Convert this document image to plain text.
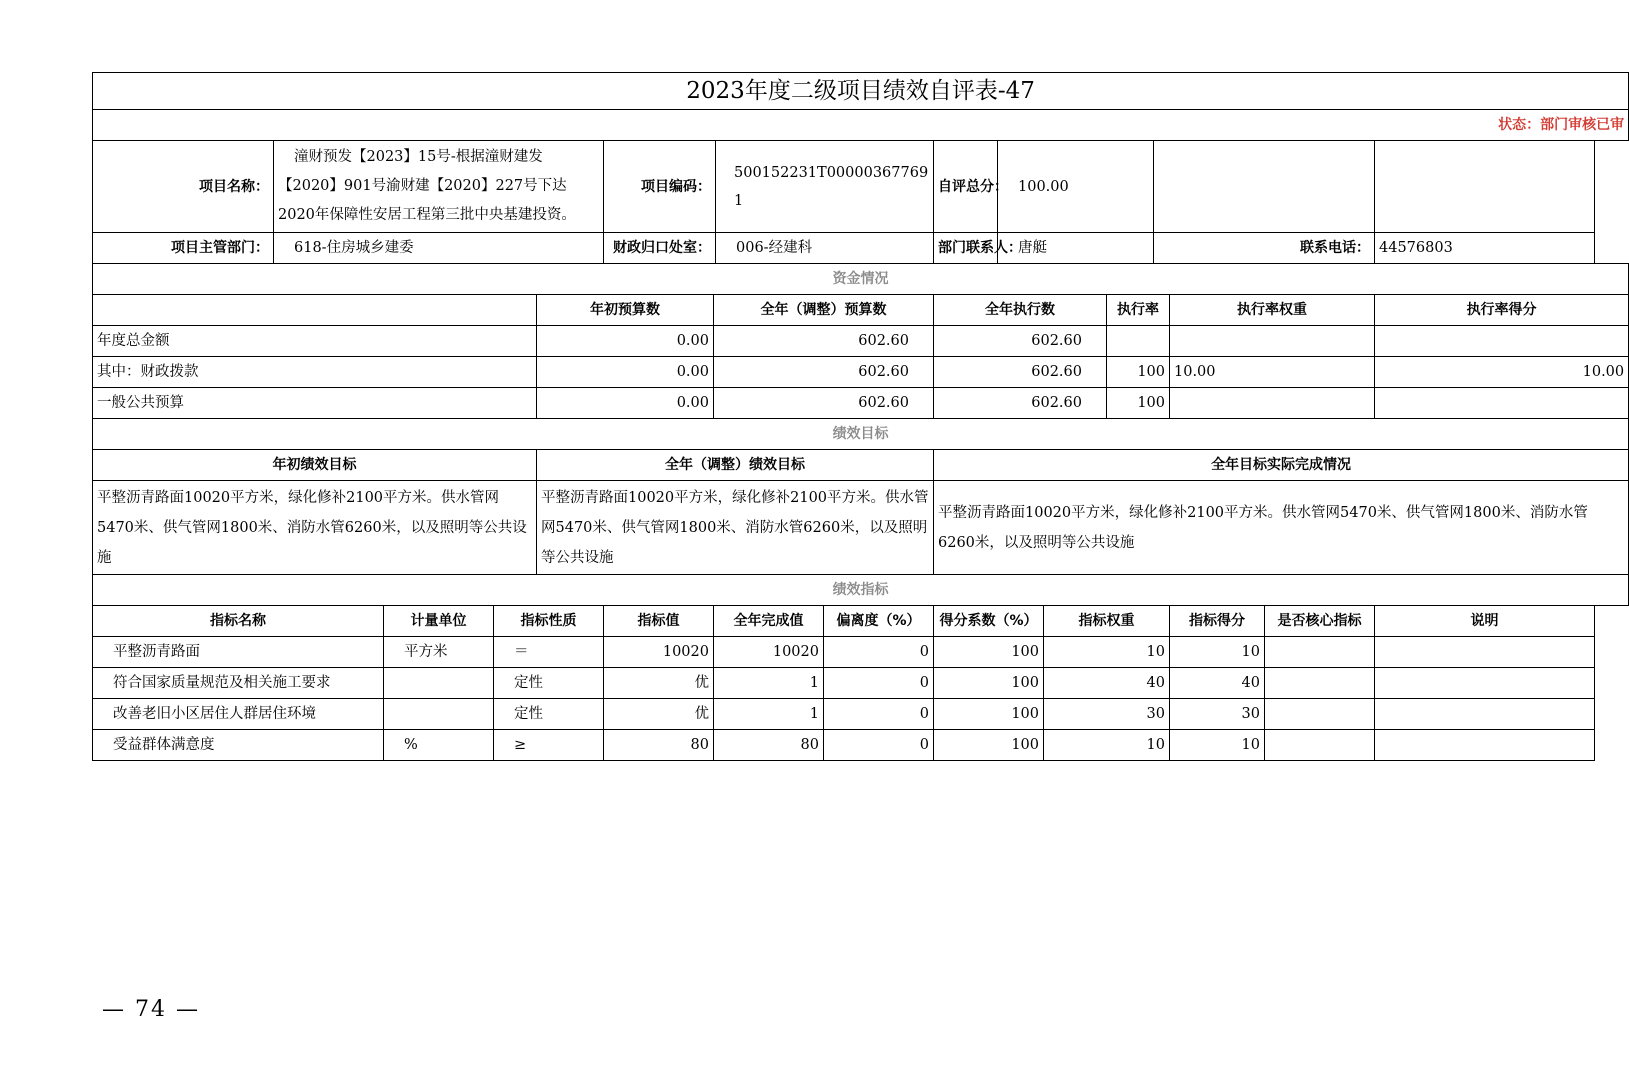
2023年度二级项目绩效自评表-47																
状态：部门审核已审																
项目名称：	潼财预发【2023】15号-根据潼财建发【2020】901号渝财建【2020】227号下达2020年保障性安居工程第三批中央基建投资。				项目编码：		500152231T00000367769 1		自评总分：	100.00						
项目主管部门：	618-住房城乡建委				财政归口处室：		006-经建科		部门联系人：	唐艇			联系电话：			44576803
资金情况																
				年初预算数		全年（调整）预算数			全年执行数			执行率		执行率权重		执行率得分
年度总金额				0.00		602.60			602.60							
其中：财政拨款				0.00		602.60			602.60			100		10.00		10.00
一般公共预算				0.00		602.60			602.60			100				
绩效目标																
年初绩效目标				全年（调整）绩效目标					全年目标实际完成情况							
平整沥青路面10020平方米，绿化修补2100平方米。供水管网5470米、供气管网1800米、消防水管6260米，以及照明等公共设施				平整沥青路面10020平方米，绿化修补2100平方米。供水管网5470米、供气管网1800米、消防水管6260米，以及照明等公共设施					平整沥青路面10020平方米，绿化修补2100平方米。供水管网5470米、供气管网1800米、消防水管6260米，以及照明等公共设施							
绩效指标																
指标名称		计量单位	指标性质		指标值	全年完成值		偏离度（%）	得分系数（%）		指标权重			指标得分	是否核心指标	说明
平整沥青路面		平方米	＝		10020	10020		0	100		10			10		
符合国家质量规范及相关施工要求			定性		优	1		0	100		40			40		
改善老旧小区居住人群居住环境			定性		优	1		0	100		30			30		
受益群体满意度		%	≥		80	80		0	100		10			10		
— 74 —
